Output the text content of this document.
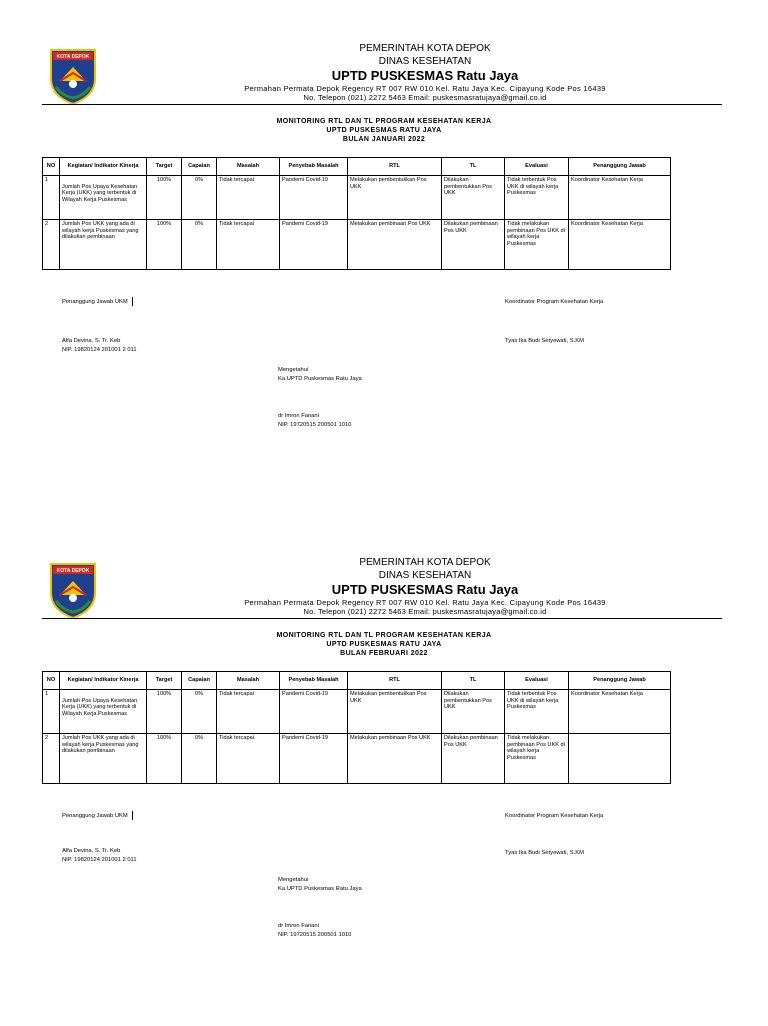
KOTA DEPOK
PEMERINTAH KOTA DEPOK
DINAS KESEHATAN
UPTD PUSKESMAS Ratu Jaya
Permahan Permata Depok Regency RT 007 RW 010 Kel. Ratu Jaya Kec. Cipayung Kode Pos 16439
No. Telepon (021) 2272 5463 Email: puskesmasratujaya@gmail.co.id
MONITORING RTL DAN TL PROGRAM KESEHATAN KERJA
UPTD PUSKESMAS RATU JAYA
BULAN JANUARI 2022
NO	Kegiatan/ Indikator Kinerja	Target	Capaian	Masalah	Penyebab Masalah	RTL	TL	Evaluasi	Penanggung Jawab
1	Jumlah Pos Upaya Kesehatan Kerja (UKK) yang terbentuk di Wilayah Kerja Puskesmas	100%	0%	Tidak tercapai	Pandemi Covid-19	Melakukan pembentukkan Pos UKK	Dilakukan pembentukkan Pos UKK	Tidak terbentuk Pos UKK di wilayah kerja Puskesmas	Koordinator Kesehatan Kerja
2	Jumlah Pos UKK yang ada di wilayah kerja Puskesmas yang dilakukan pembinaan	100%	0%	Tidak tercapai	Pandemi Covid-19	Melakukan pembinaan Pos UKK	Dilakukan pembinaan Pos UKK	Tidak melakukan pembinaan Pos UKK di wilayah kerja Puskesmas	Koordinator Kesehatan Kerja
Penanggung Jawab UKM	Koordinator Program Kesehatan Kerja
Alfa Devina, S. Tr. Keb
NIP. 19820124 201001 2 011
Tyas Ika Budi Setyowati, S.KM
Mengetahui
Ka.UPTD Puskesmas Ratu Jaya
dr Imron Fanani
NIP. 19720515 200501 1010
KOTA DEPOK
PEMERINTAH KOTA DEPOK
DINAS KESEHATAN
UPTD PUSKESMAS Ratu Jaya
Permahan Permata Depok Regency RT 007 RW 010 Kel. Ratu Jaya Kec. Cipayung Kode Pos 16439
No. Telepon (021) 2272 5463 Email: puskesmasratujaya@gmail.co.id
MONITORING RTL DAN TL PROGRAM KESEHATAN KERJA
UPTD PUSKESMAS RATU JAYA
BULAN FEBRUARI 2022
NO	Kegiatan/ Indikator Kinerja	Target	Capaian	Masalah	Penyebab Masalah	RTL	TL	Evaluasi	Penanggung Jawab
1	Jumlah Pos Upaya Kesehatan Kerja (UKK) yang terbentuk di Wilayah Kerja Puskesmas	100%	0%	Tidak tercapai	Pandemi Covid-19	Melakukan pembentukkan Pos UKK	Dilakukan pembentukkan Pos UKK	Tidak terbentuk Pos UKK di wilayah kerja Puskesmas	Koordinator Kesehatan Kerja
2	Jumlah Pos UKK yang ada di wilayah kerja Puskesmas yang dilakukan pembinaan	100%	0%	Tidak tercapai	Pandemi Covid-19	Melakukan pembinaan Pos UKK	Dilakukan pembinaan Pos UKK	Tidak melakukan pembinaan Pos UKK di wilayah kerja Puskesmas	
Penanggung Jawab UKM	Koordinator Program Kesehatan Kerja
Alfa Devina, S. Tr. Keb
NIP. 19820124 201001 2 011
Tyas Ika Budi Setyowati, S.KM
Mengetahui
Ka.UPTD Puskesmas Ratu Jaya
dr Imron Fanani
NIP. 19720515 200501 1010
